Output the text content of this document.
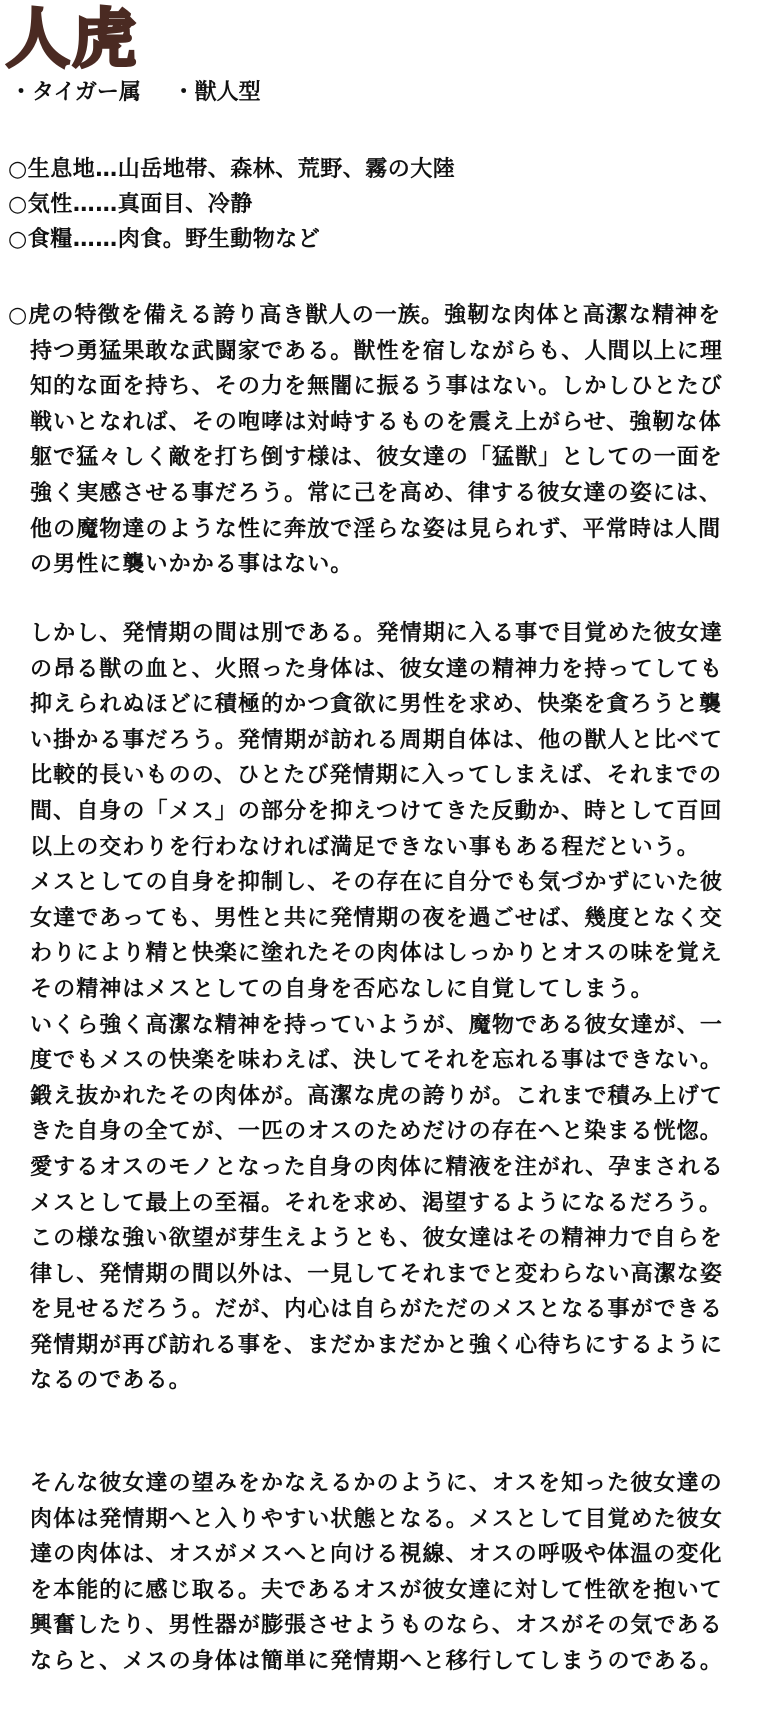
人虎
・タイガー属 ・獣人型
○生息地…山岳地帯、森林、荒野、霧の大陸
○気性……真面目、冷静
○食糧……肉食。野生動物など
○虎の特徴を備える誇り高き獣人の一族。強靭な肉体と高潔な精神を
持つ勇猛果敢な武闘家である。獣性を宿しながらも、人間以上に理
知的な面を持ち、その力を無闇に振るう事はない。しかしひとたび
戦いとなれば、その咆哮は対峙するものを震え上がらせ、強靭な体
躯で猛々しく敵を打ち倒す様は、彼女達の「猛獣」としての一面を
強く実感させる事だろう。常に己を高め、律する彼女達の姿には、
他の魔物達のような性に奔放で淫らな姿は見られず、平常時は人間
の男性に襲いかかる事はない。
しかし、発情期の間は別である。発情期に入る事で目覚めた彼女達
の昂る獣の血と、火照った身体は、彼女達の精神力を持ってしても
抑えられぬほどに積極的かつ貪欲に男性を求め、快楽を貪ろうと襲
い掛かる事だろう。発情期が訪れる周期自体は、他の獣人と比べて
比較的長いものの、ひとたび発情期に入ってしまえば、それまでの
間、自身の「メス」の部分を抑えつけてきた反動か、時として百回
以上の交わりを行わなければ満足できない事もある程だという。
メスとしての自身を抑制し、その存在に自分でも気づかずにいた彼
女達であっても、男性と共に発情期の夜を過ごせば、幾度となく交
わりにより精と快楽に塗れたその肉体はしっかりとオスの味を覚え
その精神はメスとしての自身を否応なしに自覚してしまう。
いくら強く高潔な精神を持っていようが、魔物である彼女達が、一
度でもメスの快楽を味わえば、決してそれを忘れる事はできない。
鍛え抜かれたその肉体が。高潔な虎の誇りが。これまで積み上げて
きた自身の全てが、一匹のオスのためだけの存在へと染まる恍惚。
愛するオスのモノとなった自身の肉体に精液を注がれ、孕まされる
メスとして最上の至福。それを求め、渇望するようになるだろう。
この様な強い欲望が芽生えようとも、彼女達はその精神力で自らを
律し、発情期の間以外は、一見してそれまでと変わらない高潔な姿
を見せるだろう。だが、内心は自らがただのメスとなる事ができる
発情期が再び訪れる事を、まだかまだかと強く心待ちにするように
なるのである。
そんな彼女達の望みをかなえるかのように、オスを知った彼女達の
肉体は発情期へと入りやすい状態となる。メスとして目覚めた彼女
達の肉体は、オスがメスへと向ける視線、オスの呼吸や体温の変化
を本能的に感じ取る。夫であるオスが彼女達に対して性欲を抱いて
興奮したり、男性器が膨張させようものなら、オスがその気である
ならと、メスの身体は簡単に発情期へと移行してしまうのである。
